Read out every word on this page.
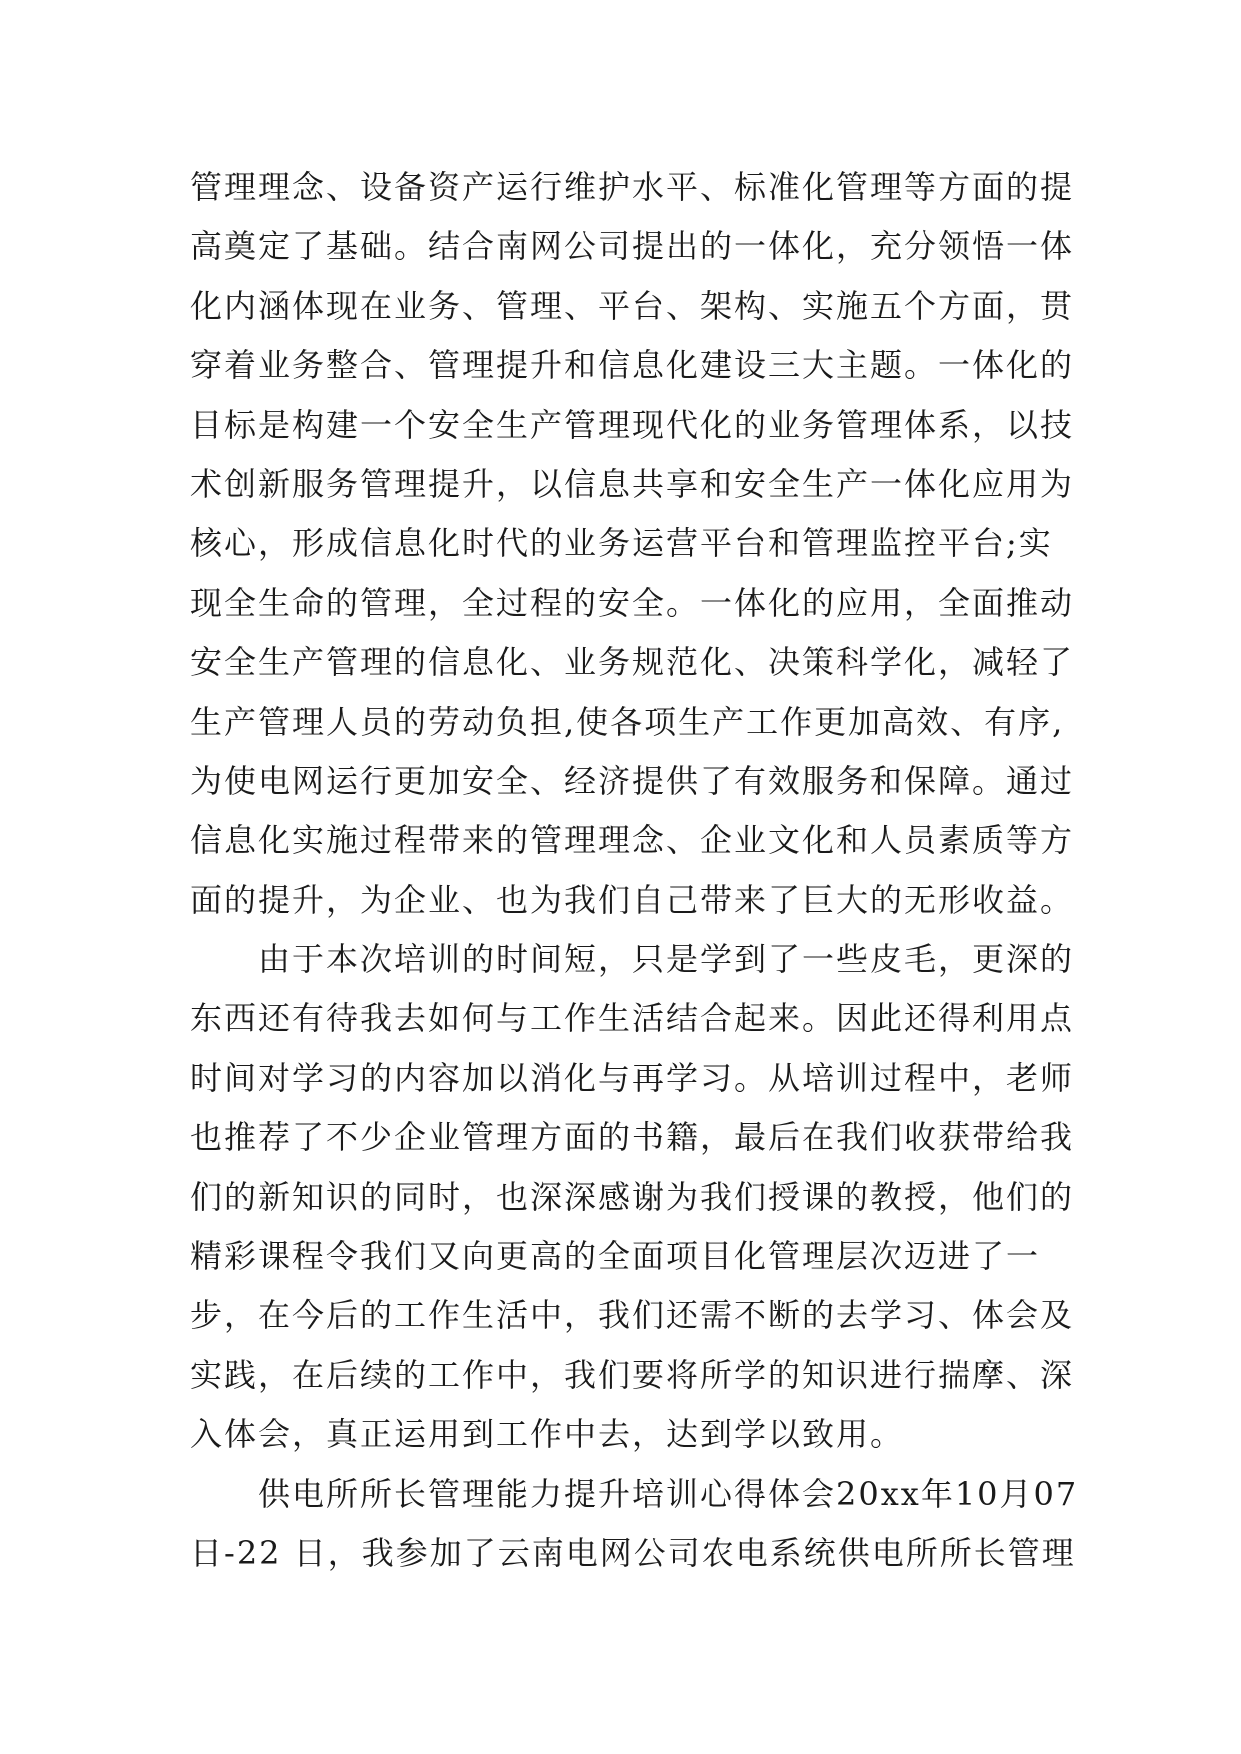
管理理念、设备资产运行维护水平、标准化管理等方面的提
高奠定了基础。结合南网公司提出的一体化，充分领悟一体
化内涵体现在业务、管理、平台、架构、实施五个方面，贯
穿着业务整合、管理提升和信息化建设三大主题。一体化的
目标是构建一个安全生产管理现代化的业务管理体系，以技
术创新服务管理提升，以信息共享和安全生产一体化应用为
核心，形成信息化时代的业务运营平台和管理监控平台;实
现全生命的管理，全过程的安全。一体化的应用，全面推动
安全生产管理的信息化、业务规范化、决策科学化，减轻了
生产管理人员的劳动负担,使各项生产工作更加高效、有序,
为使电网运行更加安全、经济提供了有效服务和保障。通过
信息化实施过程带来的管理理念、企业文化和人员素质等方
面的提升，为企业、也为我们自己带来了巨大的无形收益。
由于本次培训的时间短，只是学到了一些皮毛，更深的
东西还有待我去如何与工作生活结合起来。因此还得利用点
时间对学习的内容加以消化与再学习。从培训过程中，老师
也推荐了不少企业管理方面的书籍，最后在我们收获带给我
们的新知识的同时，也深深感谢为我们授课的教授，他们的
精彩课程令我们又向更高的全面项目化管理层次迈进了一
步，在今后的工作生活中，我们还需不断的去学习、体会及
实践，在后续的工作中，我们要将所学的知识进行揣摩、深
入体会，真正运用到工作中去，达到学以致用。
供电所所长管理能力提升培训心得体会20xx年10月07
日-22 日，我参加了云南电网公司农电系统供电所所长管理
